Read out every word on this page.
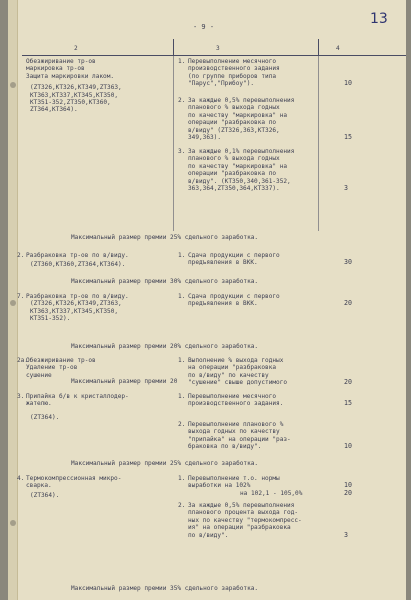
- 9 -	13
2	3	4
Обезжиривание тр-ов
маркировка тр-ов
Защита маркировки лаком.
(ZT326,KT326,KT349,ZT363,
KT363,KT337,KT345,KT350,
KT351-352,ZT350,KT360,
ZT364,KT364).
1. Перевыполнение месячного
производственного задания
(по группе приборов типа
"Парус","Прибоу").	10
2. За каждые 0,5% перевыполнения
планового % выхода годных
по качеству "маркировка" на
операции "разбраковка по
в/виду" (ZT326,363,KT326,
349,363).	15
3. За каждые 0,1% перевыполнения
планового % выхода годных
по качеству "маркировка" на
операции "разбраковка по
в/виду". (KT350,340,361-352,
363,364,ZT350,364,KT337).	3
Максимальный размер премии 25% сдельного заработка.
2. Разбраковка тр-ов по в/виду.
(ZT360,KT360,ZT364,KT364).
1. Сдача продукции с первого
предъявления в ВКК.	30
Максимальный размер премии 30% сдельного заработка.
7. Разбраковка тр-ов по в/виду.
(ZT326,KT326,KT349,ZT363,
KT363,KT337,KT345,KT350,
KT351-352).
1. Сдача продукции с первого
предъявления в ВКК.	20
Максимальный размер премии 20% сдельного заработка.
2a.
Обезжиривание тр-ов
Удаление тр-ов
сушение
1. Выполнение % выхода годных
на операции "разбраковка
по в/виду" по качеству
"сушение" свыше допустимого	20
Максимальный размер премии 20
3. Припайка б/в к кристаллодер-
жателю.
(ZT364).
1. Перевыполнение месячного
производственного задания.	15
2. Перевыполнение планового %
выхода годных по качеству
"припайка" на операции "раз-
браковка по в/виду".	10
Максимальный размер премии 25% сдельного заработка.
4. Термокомпрессионная микро-
сварка.
(ZT364).
1. Перевыполнение т.о. нормы
выработки на 102%	10
на 102,1 - 105,0%	20
2. За каждые 0,5% перевыполнения
планового процента выхода год-
ных по качеству "термокомпресс-
ия" на операции "разбраковка
по в/виду".	3
Максимальный размер премии 35% сдельного заработка.
